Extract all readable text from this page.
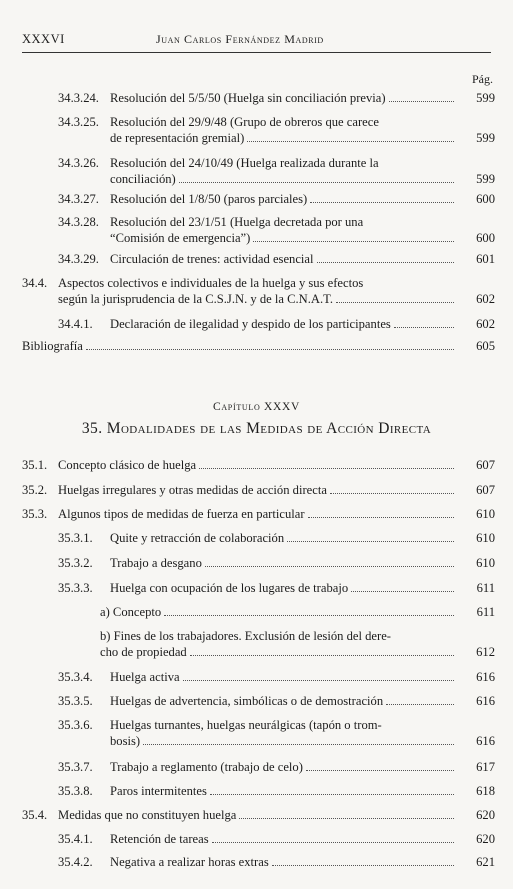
XXXVI	Juan Carlos Fernández Madrid
Pág.
Capítulo XXXV
35. Modalidades de las Medidas de Acción Directa
34.3.24. Resolución del 5/5/50 (Huelga sin conciliación previa)	599
34.3.25. Resolución del 29/9/48 (Grupo de obreros que carece
de representación gremial)	599
34.3.26. Resolución del 24/10/49 (Huelga realizada durante la
conciliación)	599
34.3.27. Resolución del 1/8/50 (paros parciales)	600
34.3.28. Resolución del 23/1/51 (Huelga decretada por una
“Comisión de emergencia”)	600
34.3.29. Circulación de trenes: actividad esencial	601
34.4. Aspectos colectivos e individuales de la huelga y sus efectos
según la jurisprudencia de la C.S.J.N. y de la C.N.A.T.	602
34.4.1. Declaración de ilegalidad y despido de los participantes	602
Bibliografía	605
35.1. Concepto clásico de huelga	607
35.2. Huelgas irregulares y otras medidas de acción directa	607
35.3. Algunos tipos de medidas de fuerza en particular	610
35.3.1. Quite y retracción de colaboración	610
35.3.2. Trabajo a desgano	610
35.3.3. Huelga con ocupación de los lugares de trabajo	611
a) Concepto	611
b) Fines de los trabajadores. Exclusión de lesión del dere-
cho de propiedad	612
35.3.4. Huelga activa	616
35.3.5. Huelgas de advertencia, simbólicas o de demostración	616
35.3.6. Huelgas turnantes, huelgas neurálgicas (tapón o trom-
bosis)	616
35.3.7. Trabajo a reglamento (trabajo de celo)	617
35.3.8. Paros intermitentes	618
35.4. Medidas que no constituyen huelga	620
35.4.1. Retención de tareas	620
35.4.2. Negativa a realizar horas extras	621
